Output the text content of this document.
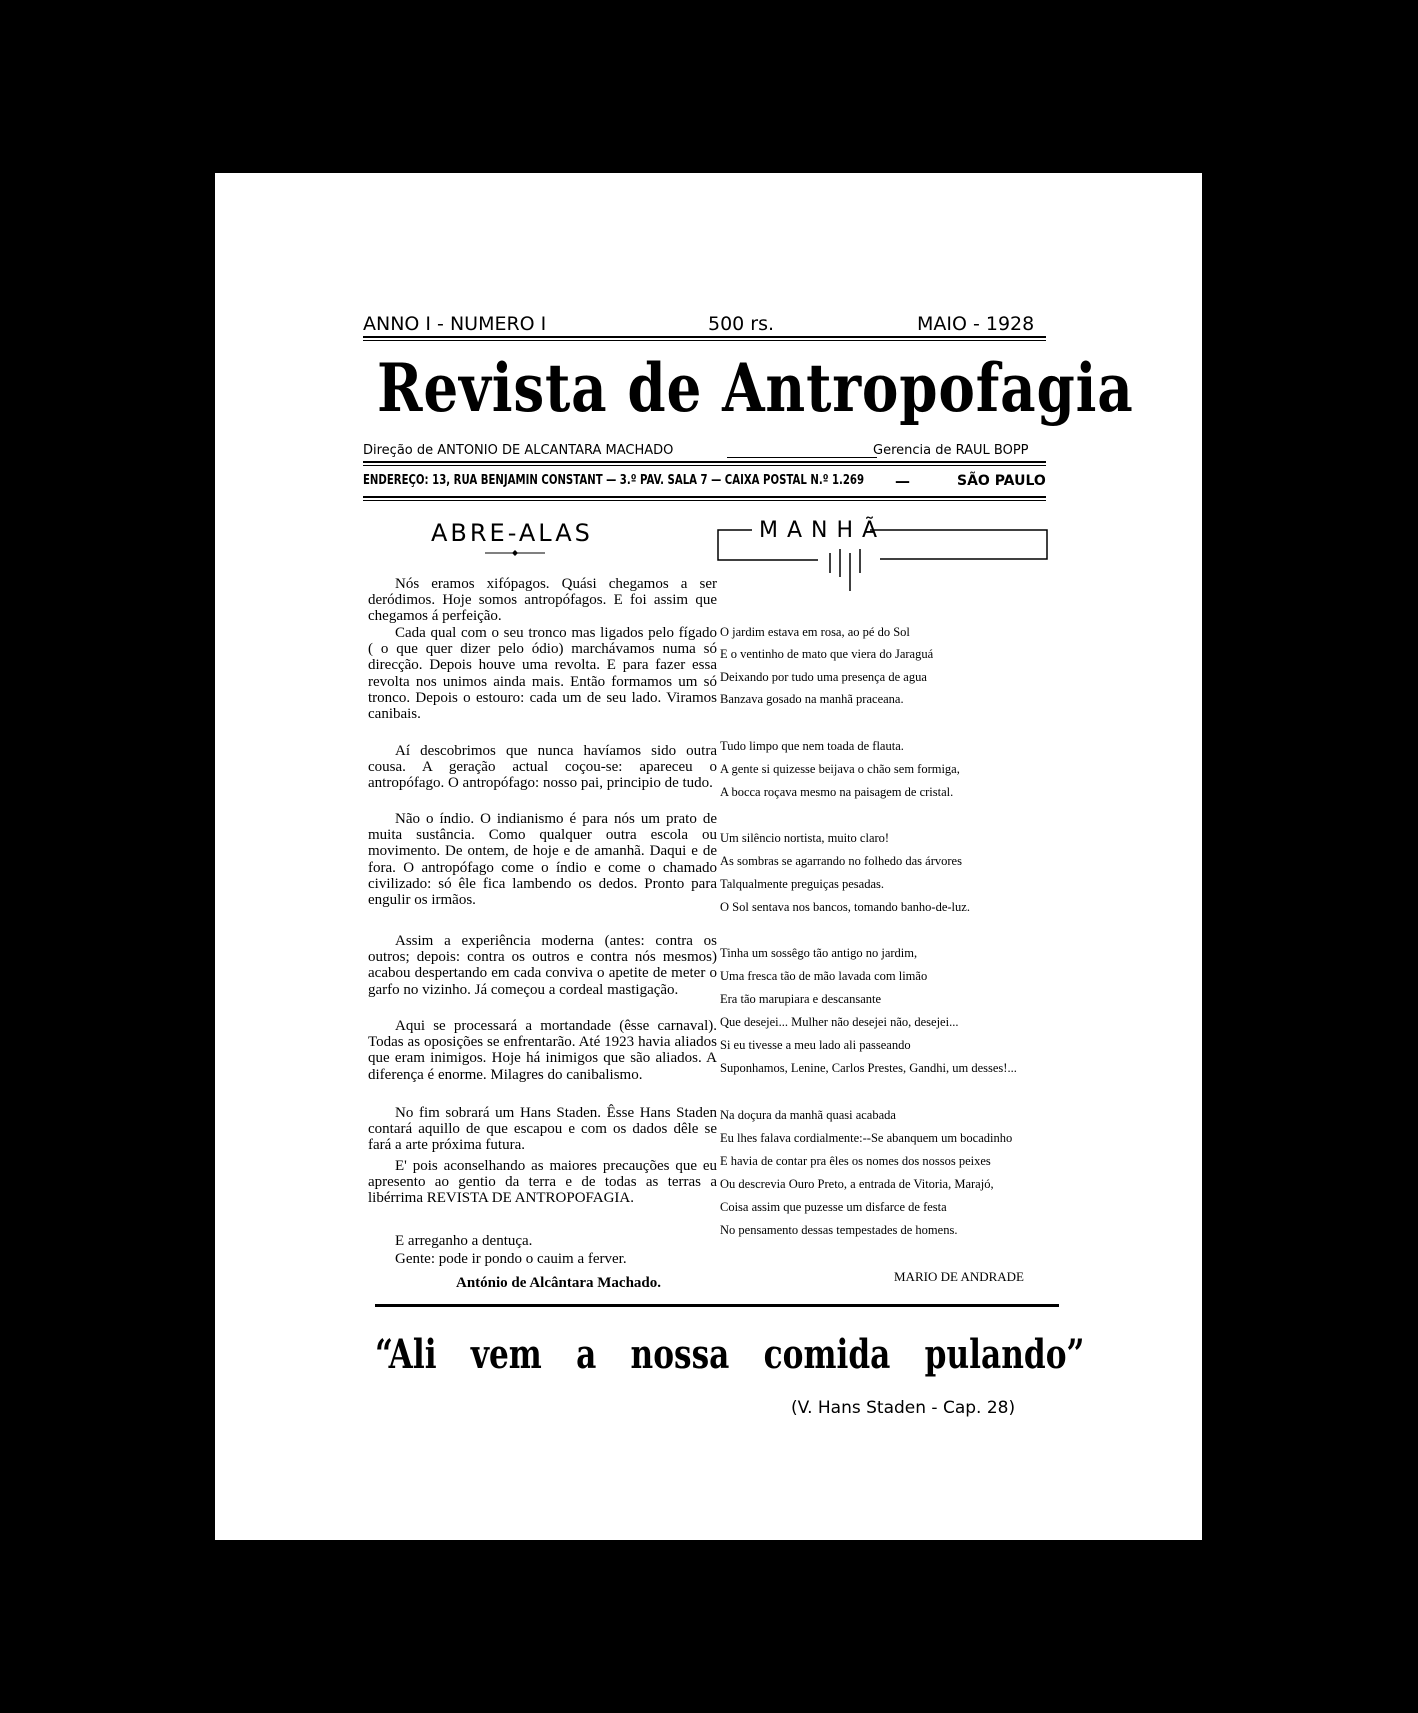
ANNO I - NUMERO I	500 rs.	MAIO - 1928
Revista de Antropofagia
Direção de ANTONIO DE ALCANTARA MACHADO	Gerencia de RAUL BOPP
ENDEREÇO: 13, RUA BENJAMIN CONSTANT — 3.º PAV. SALA 7 — CAIXA POSTAL N.º 1.269 —	SÃO PAULO
ABRE-ALAS

Nós eramos xifópagos. Quási chegamos a ser deródimos. Hoje somos antropófagos. E foi assim que chegamos á perfeição.

Cada qual com o seu tronco mas ligados pelo fígado ( o que quer dizer pelo ódio) marchávamos numa só direcção. Depois houve uma revolta. E para fazer essa revolta nos unimos ainda mais. Então formamos um só tronco. Depois o estouro: cada um de seu lado. Viramos canibais.

Aí descobrimos que nunca havíamos sido outra cousa. A geração actual coçou-se: apareceu o antropófago. O antropófago: nosso pai, principio de tudo.

Não o índio. O indianismo é para nós um prato de muita sustância. Como qualquer outra escola ou movimento. De ontem, de hoje e de amanhã. Daqui e de fora. O antropófago come o índio e come o chamado civilizado: só êle fica lambendo os dedos. Pronto para engulir os irmãos.

Assim a experiência moderna (antes: contra os outros; depois: contra os outros e contra nós mesmos) acabou despertando em cada conviva o apetite de meter o garfo no vizinho. Já começou a cordeal mastigação.

Aqui se processará a mortandade (êsse carnaval). Todas as oposições se enfrentarão. Até 1923 havia aliados que eram inimigos. Hoje há inimigos que são aliados. A diferença é enorme. Milagres do canibalismo.

No fim sobrará um Hans Staden. Êsse Hans Staden contará aquillo de que escapou e com os dados dêle se fará a arte próxima futura.

E' pois aconselhando as maiores precauções que eu apresento ao gentio da terra e de todas as terras a libérrima REVISTA DE ANTROPOFAGIA.

E arreganho a dentuça.

Gente: pode ir pondo o cauim a ferver.

António de Alcântara Machado.
MANHÃ
O jardim estava em rosa, ao pé do Sol
E o ventinho de mato que viera do Jaraguá
Deixando por tudo uma presença de agua
Banzava gosado na manhã praceana.
Tudo limpo que nem toada de flauta.
A gente si quizesse beijava o chão sem formiga,
A bocca roçava mesmo na paisagem de cristal.
Um silêncio nortista, muito claro!
As sombras se agarrando no folhedo das árvores
Talqualmente preguiças pesadas.
O Sol sentava nos bancos, tomando banho-de-luz.
Tinha um sossêgo tão antigo no jardim,
Uma fresca tão de mão lavada com limão
Era tão marupiara e descansante
Que desejei... Mulher não desejei não, desejei...
Si eu tivesse a meu lado ali passeando
Suponhamos, Lenine, Carlos Prestes, Gandhi, um desses!...
Na doçura da manhã quasi acabada
Eu lhes falava cordialmente:--Se abanquem um bocadinho
E havia de contar pra êles os nomes dos nossos peixes
Ou descrevia Ouro Preto, a entrada de Vitoria, Marajó,
Coisa assim que puzesse um disfarce de festa
No pensamento dessas tempestades de homens.
MARIO DE ANDRADE
“Ali vem a nossa comida pulando”
(V. Hans Staden - Cap. 28)
